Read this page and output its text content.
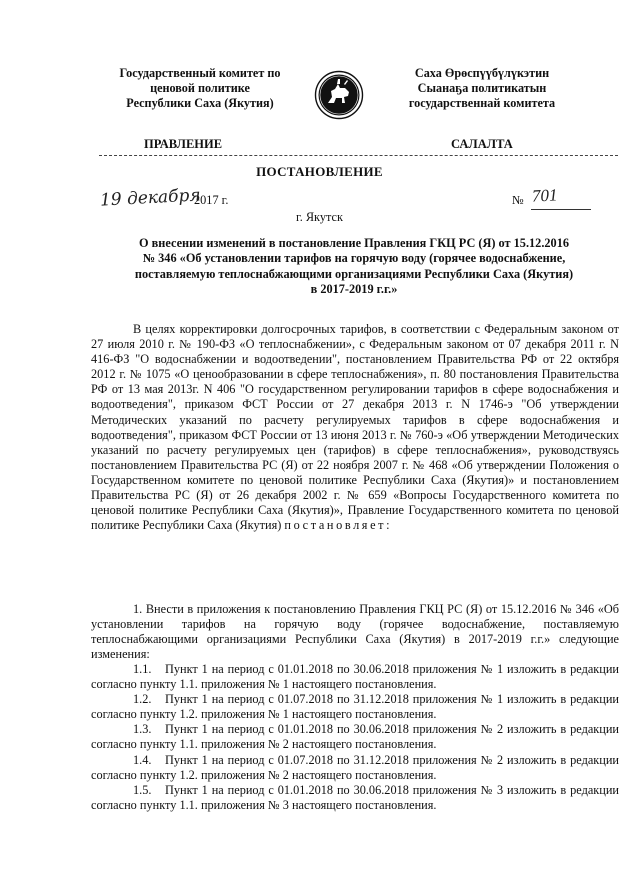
Государственный комитет по
ценовой политике
Республики Саха (Якутия)
Саха Өрөспүүбүлүкэтин
Сыанаҕа политикатын
государственнай комитета
ПРАВЛЕНИЕ	САЛАЛТА
ПОСТАНОВЛЕНИЕ
19 декабря
2017 г.	№ 701
г. Якутск
О внесении изменений в постановление Правления ГКЦ РС (Я) от 15.12.2016
№ 346 «Об установлении тарифов на горячую воду (горячее водоснабжение,
поставляемую теплоснабжающими организациями Республики Саха (Якутия)
в 2017-2019 г.г.»

В целях корректировки долгосрочных тарифов, в соответствии с Федеральным законом от 27 июля 2010 г. № 190-ФЗ «О теплоснабжении», с Федеральным законом от 07 декабря 2011 г. N 416-ФЗ "О водоснабжении и водоотведении", постановлением Правительства РФ от 22 октября 2012 г. № 1075 «О ценообразовании в сфере теплоснабжения», п. 80 постановления Правительства РФ от 13 мая 2013г. N 406 "О государственном регулировании тарифов в сфере водоснабжения и водоотведения", приказом ФСТ России от 27 декабря 2013 г. N 1746-э "Об утверждении Методических указаний по расчету регулируемых тарифов в сфере водоснабжения и водоотведения", приказом ФСТ России от 13 июня 2013 г. № 760-э «Об утверждении Методических указаний по расчету регулируемых цен (тарифов) в сфере теплоснабжения», руководствуясь постановлением Правительства РС (Я) от 22 ноября 2007 г. № 468 «Об утверждении Положения о Государственном комитете по ценовой политике Республики Саха (Якутия)» и постановлением Правительства РС (Я) от 26 декабря 2002 г. № 659 «Вопросы Государственного комитета по ценовой политике Республики Саха (Якутия)», Правление Государственного комитета по ценовой политике Республики Саха (Якутия) постановляет:

1. Внести в приложения к постановлению Правления ГКЦ РС (Я) от 15.12.2016 № 346 «Об установлении тарифов на горячую воду (горячее водоснабжение, поставляемую теплоснабжающими организациями Республики Саха (Якутия) в 2017-2019 г.г.» следующие изменения:

1.1. Пункт 1 на период с 01.01.2018 по 30.06.2018 приложения № 1 изложить в редакции согласно пункту 1.1. приложения № 1 настоящего постановления.

1.2. Пункт 1 на период с 01.07.2018 по 31.12.2018 приложения № 1 изложить в редакции согласно пункту 1.2. приложения № 1 настоящего постановления.

1.3. Пункт 1 на период с 01.01.2018 по 30.06.2018 приложения № 2 изложить в редакции согласно пункту 1.1. приложения № 2 настоящего постановления.

1.4. Пункт 1 на период с 01.07.2018 по 31.12.2018 приложения № 2 изложить в редакции согласно пункту 1.2. приложения № 2 настоящего постановления.

1.5. Пункт 1 на период с 01.01.2018 по 30.06.2018 приложения № 3 изложить в редакции согласно пункту 1.1. приложения № 3 настоящего постановления.
